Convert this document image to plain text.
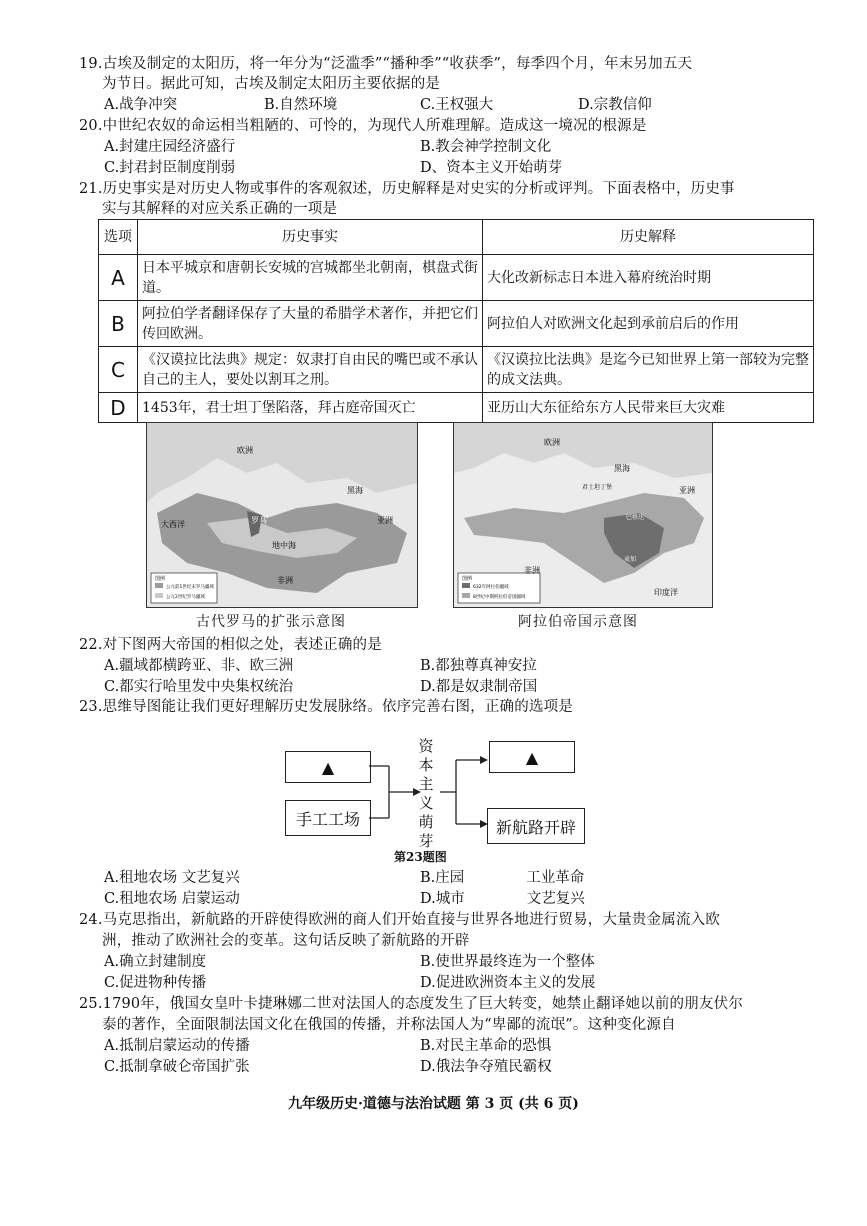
19.古埃及制定的太阳历，将一年分为“泛滥季”“播种季”“收获季”，每季四个月，年末另加五天
为节日。据此可知，古埃及制定太阳历主要依据的是
A.战争冲突	B.自然环境	C.王权强大	D.宗教信仰
20.中世纪农奴的命运相当粗陋的、可怜的，为现代人所难理解。造成这一境况的根源是
A.封建庄园经济盛行	B.教会神学控制文化
C.封君封臣制度削弱	D、资本主义开始萌芽
21.历史事实是对历史人物或事件的客观叙述，历史解释是对史实的分析或评判。下面表格中，历史事
实与其解释的对应关系正确的一项是
选项	历史事实	历史解释
A	日本平城京和唐朝长安城的宫城都坐北朝南，棋盘式街道。	大化改新标志日本进入幕府统治时期
B	阿拉伯学者翻译保存了大量的希腊学术著作，并把它们传回欧洲。	阿拉伯人对欧洲文化起到承前启后的作用
C	《汉谟拉比法典》规定：奴隶打自由民的嘴巴或不承认自己的主人，要处以割耳之刑。	《汉谟拉比法典》是迄今已知世界上第一部较为完整的成文法典。
D	1453年，君士坦丁堡陷落，拜占庭帝国灭亡	亚历山大东征给东方人民带来巨大灾难
图例
公元前1世纪末罗马疆域
公元2世纪罗马疆域
大西洋	罗马
地中海
黑海
亚洲
非洲
欧洲
古代罗马的扩张示意图
图例
632年阿拉伯疆域
8世纪中期阿拉伯帝国疆域
欧洲
黑海
君士坦丁堡
巴格达
麦加
非洲
亚洲
印度洋
阿拉伯帝国示意图
22.对下图两大帝国的相似之处，表述正确的是
A.疆域都横跨亚、非、欧三洲	B.都独尊真神安拉
C.都实行哈里发中央集权统治	D.都是奴隶制帝国
23.思维导图能让我们更好理解历史发展脉络。依序完善右图，正确的选项是
▲
手工工场
资
本
主
义
萌
芽
▲
新航路开辟
第23题图
A.租地农场 文艺复兴	B.庄园	工业革命
C.租地农场 启蒙运动	D.城市	文艺复兴
24.马克思指出，新航路的开辟使得欧洲的商人们开始直接与世界各地进行贸易，大量贵金属流入欧
洲，推动了欧洲社会的变革。这句话反映了新航路的开辟
A.确立封建制度	B.使世界最终连为一个整体
C.促进物种传播	D.促进欧洲资本主义的发展
25.1790年，俄国女皇叶卡捷琳娜二世对法国人的态度发生了巨大转变，她禁止翻译她以前的朋友伏尔
泰的著作，全面限制法国文化在俄国的传播，并称法国人为“卑鄙的流氓”。这种变化源自
A.抵制启蒙运动的传播	B.对民主革命的恐惧
C.抵制拿破仑帝国扩张	D.俄法争夺殖民霸权
九年级历史·道德与法治试题 第 3 页 (共 6 页)
